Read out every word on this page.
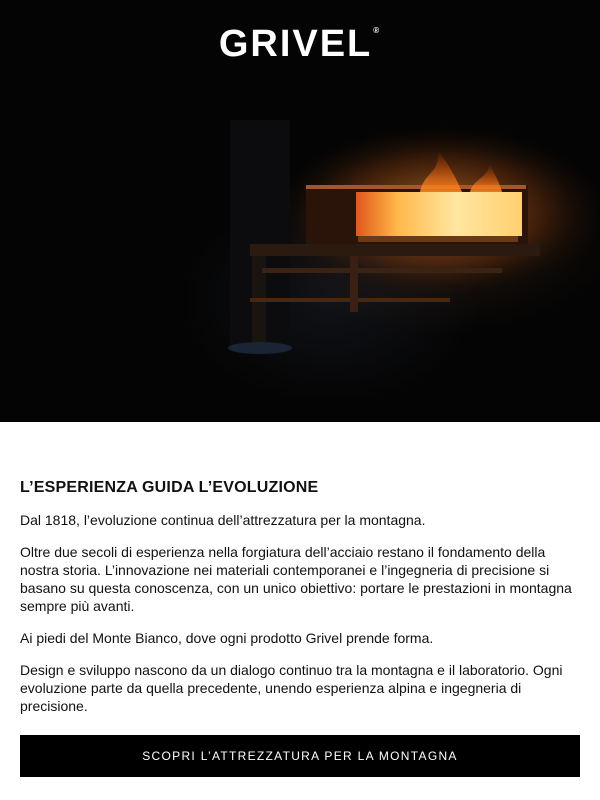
GRIVEL®
L’ESPERIENZA GUIDA L’EVOLUZIONE

Dal 1818, l’evoluzione continua dell’attrezzatura per la montagna.

Oltre due secoli di esperienza nella forgiatura dell’acciaio restano il fondamento della nostra storia. L’innovazione nei materiali contemporanei e l’ingegneria di precisione si basano su questa conoscenza, con un unico obiettivo: portare le prestazioni in montagna sempre più avanti.

Ai piedi del Monte Bianco, dove ogni prodotto Grivel prende forma.

Design e sviluppo nascono da un dialogo continuo tra la montagna e il laboratorio. Ogni evoluzione parte da quella precedente, unendo esperienza alpina e ingegneria di precisione.

SCOPRI L’ATTREZZATURA PER LA MONTAGNA
